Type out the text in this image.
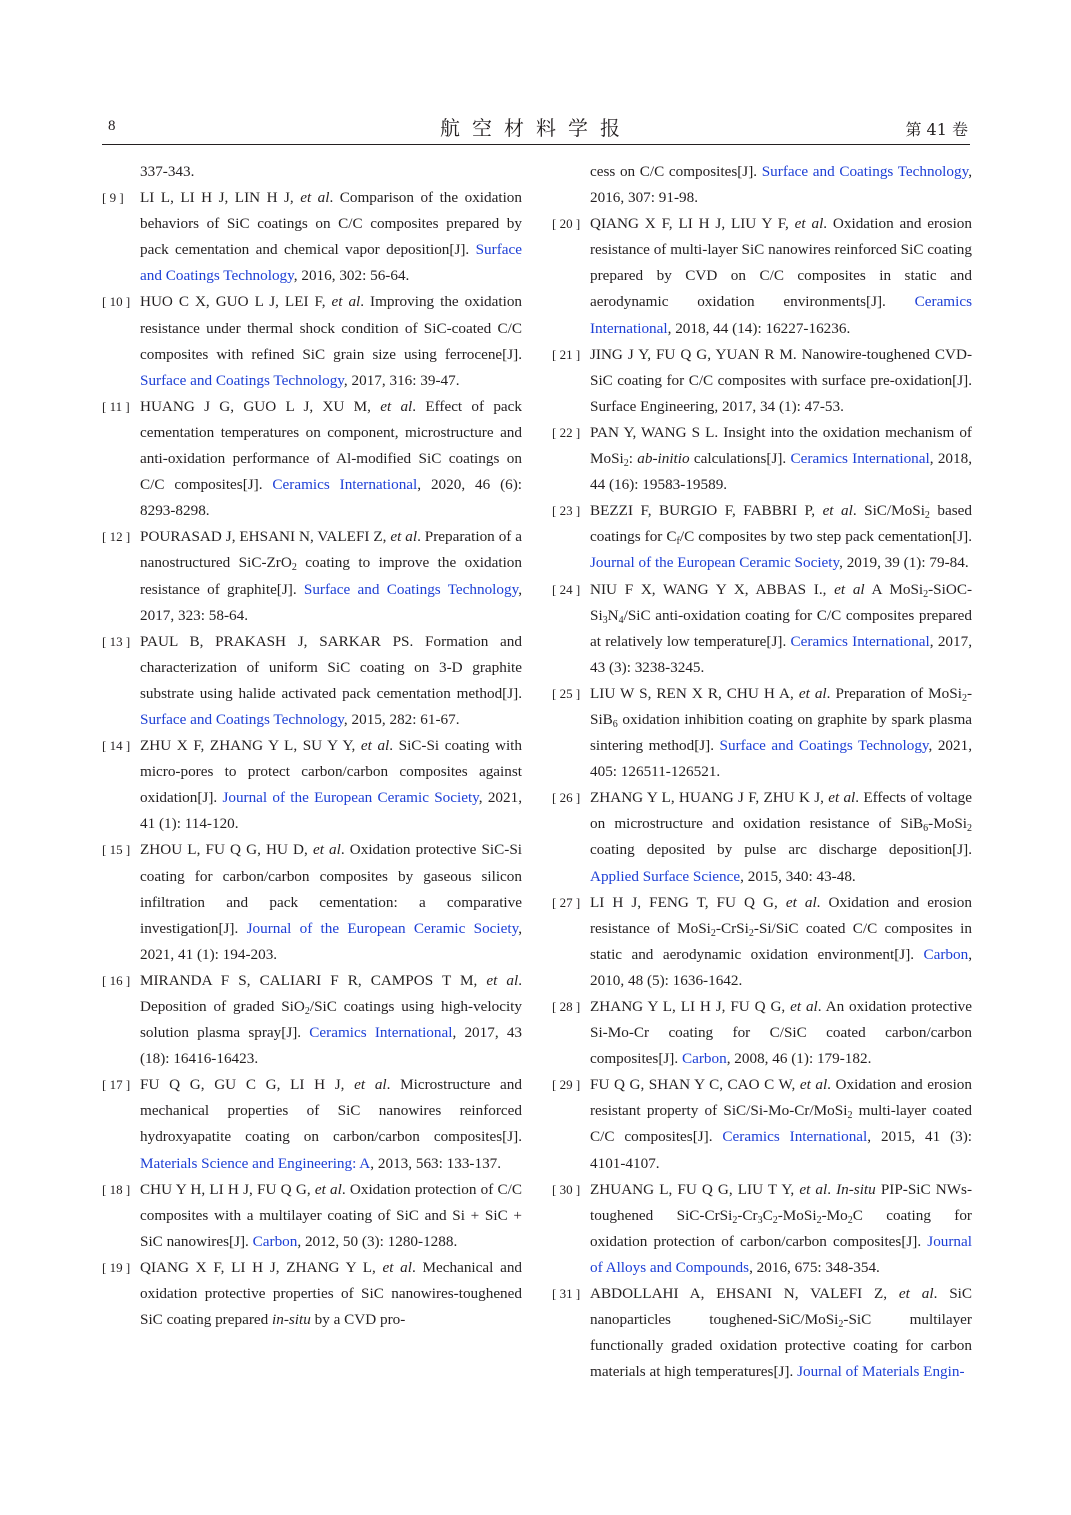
8	航空材料学报	第 41 卷
337-343.
[ 9 ]	LI L, LI H J, LIN H J, et al. Comparison of the oxidation behaviors of SiC coatings on C/C composites prepared by pack cementation and chemical vapor deposition[J]. Surface and Coatings Technology, 2016, 302: 56-64.
[ 10 ] HUO C X, GUO L J, LEI F, et al. Improving the oxidation resistance under thermal shock condition of SiC-coated C/C composites with refined SiC grain size using ferrocene[J]. Surface and Coatings Technology, 2017, 316: 39-47.
[ 11 ] HUANG J G, GUO L J, XU M, et al. Effect of pack cementation temperatures on component, microstructure and anti-oxidation performance of Al-modified SiC coatings on C/C composites[J]. Ceramics International, 2020, 46 (6): 8293-8298.
[ 12 ] POURASAD J, EHSANI N, VALEFI Z, et al. Preparation of a nanostructured SiC-ZrO$_2$ coating to improve the oxidation resistance of graphite[J]. Surface and Coatings Technology, 2017, 323: 58-64.
[ 13 ] PAUL B, PRAKASH J, SARKAR PS. Formation and characterization of uniform SiC coating on 3-D graphite substrate using halide activated pack cementation method[J]. Surface and Coatings Technology, 2015, 282: 61-67.
[ 14 ] ZHU X F, ZHANG Y L, SU Y Y, et al. SiC-Si coating with micro-pores to protect carbon/carbon composites against oxidation[J]. Journal of the European Ceramic Society, 2021, 41 (1): 114-120.
[ 15 ] ZHOU L, FU Q G, HU D, et al. Oxidation protective SiC-Si coating for carbon/carbon composites by gaseous silicon infiltration and pack cementation: a comparative investigation[J]. Journal of the European Ceramic Society, 2021, 41 (1): 194-203.
[ 16 ] MIRANDA F S, CALIARI F R, CAMPOS T M, et al. Deposition of graded SiO$_2$/SiC coatings using high-velocity solution plasma spray[J]. Ceramics International, 2017, 43 (18): 16416-16423.
[ 17 ] FU Q G, GU C G, LI H J, et al. Microstructure and mechanical properties of SiC nanowires reinforced hydroxyapatite coating on carbon/carbon composites[J]. Materials Science and Engineering: A, 2013, 563: 133-137.
[ 18 ] CHU Y H, LI H J, FU Q G, et al. Oxidation protection of C/C composites with a multilayer coating of SiC and Si + SiC + SiC nanowires[J]. Carbon, 2012, 50 (3): 1280-1288.
[ 19 ] QIANG X F, LI H J, ZHANG Y L, et al. Mechanical and oxidation protective properties of SiC nanowires-toughened SiC coating prepared in-situ by a CVD pro-
cess on C/C composites[J]. Surface and Coatings Technology, 2016, 307: 91-98.
[ 20 ] QIANG X F, LI H J, LIU Y F, et al. Oxidation and erosion resistance of multi-layer SiC nanowires reinforced SiC coating prepared by CVD on C/C composites in static and aerodynamic oxidation environments[J]. Ceramics International, 2018, 44 (14): 16227-16236.
[ 21 ] JING J Y, FU Q G, YUAN R M. Nanowire-toughened CVD-SiC coating for C/C composites with surface pre-oxidation[J]. Surface Engineering, 2017, 34 (1): 47-53.
[ 22 ] PAN Y, WANG S L. Insight into the oxidation mechanism of MoSi$_2$: ab-initio calculations[J]. Ceramics International, 2018, 44 (16): 19583-19589.
[ 23 ] BEZZI F, BURGIO F, FABBRI P, et al. SiC/MoSi$_2$ based coatings for $C_f/C$ composites by two step pack cementation[J]. Journal of the European Ceramic Society, 2019, 39 (1): 79-84.
[ 24 ] NIU F X, WANG Y X, ABBAS I., et al A $MoSi_2-SiOC-Si_3N_4$/SiC anti-oxidation coating for C/C composites prepared at relatively low temperature[J]. Ceramics International, 2017, 43 (3): 3238-3245.
[ 25 ] LIU W S, REN X R, CHU H A, et al. Preparation of MoSi$_2$-SiB$_6$ oxidation inhibition coating on graphite by spark plasma sintering method[J]. Surface and Coatings Technology, 2021, 405: 126511-126521.
[ 26 ] ZHANG Y L, HUANG J F, ZHU K J, et al. Effects of voltage on microstructure and oxidation resistance of SiB$_6$-MoSi$_2$ coating deposited by pulse arc discharge deposition[J]. Applied Surface Science, 2015, 340: 43-48.
[ 27 ] LI H J, FENG T, FU Q G, et al. Oxidation and erosion resistance of MoSi$_2$-CrSi$_2$-Si/SiC coated C/C composites in static and aerodynamic oxidation environment[J]. Carbon, 2010, 48 (5): 1636-1642.
[ 28 ] ZHANG Y L, LI H J, FU Q G, et al. An oxidation protective Si-Mo-Cr coating for C/SiC coated carbon/carbon composites[J]. Carbon, 2008, 46 (1): 179-182.
[ 29 ] FU Q G, SHAN Y C, CAO C W, et al. Oxidation and erosion resistant property of SiC/Si-Mo-Cr/MoSi$_2$ multi-layer coated C/C composites[J]. Ceramics International, 2015, 41 (3): 4101-4107.
[ 30 ] ZHUANG L, FU Q G, LIU T Y, et al. In-situ PIP-SiC NWs-toughened SiC-$CrSi_2-Cr_3C_2-MoSi_2-Mo_2C$ coating for oxidation protection of carbon/carbon composites[J]. Journal of Alloys and Compounds, 2016, 675: 348-354.
[ 31 ] ABDOLLAHI A, EHSANI N, VALEFI Z, et al. SiC nanoparticles toughened-SiC/MoSi$_2$-SiC multilayer functionally graded oxidation protective coating for carbon materials at high temperatures[J]. Journal of Materials Engin-
